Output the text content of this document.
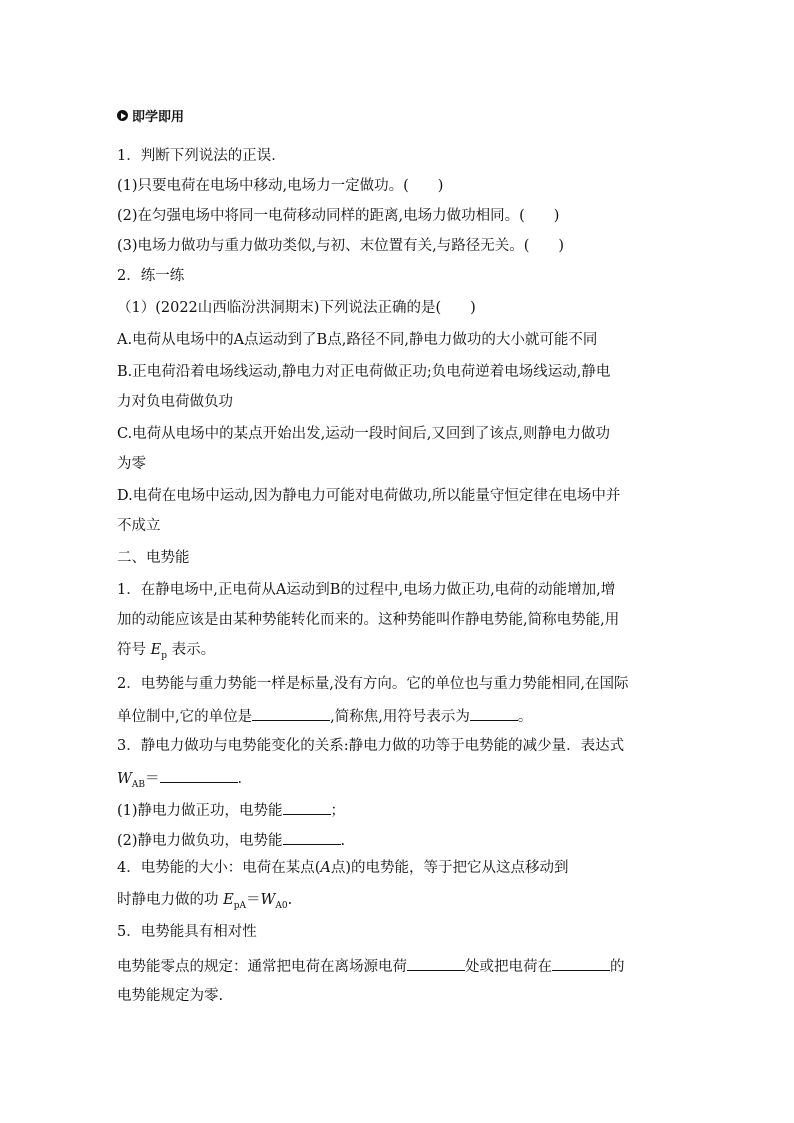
即学即用
1．判断下列说法的正误．
(1)只要电荷在电场中移动,电场力一定做功。(　　)
(2)在匀强电场中将同一电荷移动同样的距离,电场力做功相同。(　　)
(3)电场力做功与重力做功类似,与初、末位置有关,与路径无关。(　　)
2．练一练
（1）(2022山西临汾洪洞期末)下列说法正确的是(　　)
A.电荷从电场中的A点运动到了B点,路径不同,静电力做功的大小就可能不同
B.正电荷沿着电场线运动,静电力对正电荷做正功;负电荷逆着电场线运动,静电
力对负电荷做负功
C.电荷从电场中的某点开始出发,运动一段时间后,又回到了该点,则静电力做功
为零
D.电荷在电场中运动,因为静电力可能对电荷做功,所以能量守恒定律在电场中并
不成立
二、电势能
1．在静电场中,正电荷从A运动到B的过程中,电场力做正功,电荷的动能增加,增
加的动能应该是由某种势能转化而来的。这种势能叫作静电势能,简称电势能,用
符号 $E_p$ 表示。
2．电势能与重力势能一样是标量,没有方向。它的单位也与重力势能相同,在国际
单位制中,它的单位是	,简称焦,用符号表示为	。
3．静电力做功与电势能变化的关系:静电力做的功等于电势能的减少量．表达式
$W_{AB}=$	．
(1)静电力做正功，电势能	；
(2)静电力做负功，电势能	.
4．电势能的大小：电荷在某点(A点)的电势能，等于把它从这点移动到
时静电力做的功 $E_{pA}=W_{A0}$.
5．电势能具有相对性
电势能零点的规定：通常把电荷在离场源电荷	处或把电荷在	的
电势能规定为零.
